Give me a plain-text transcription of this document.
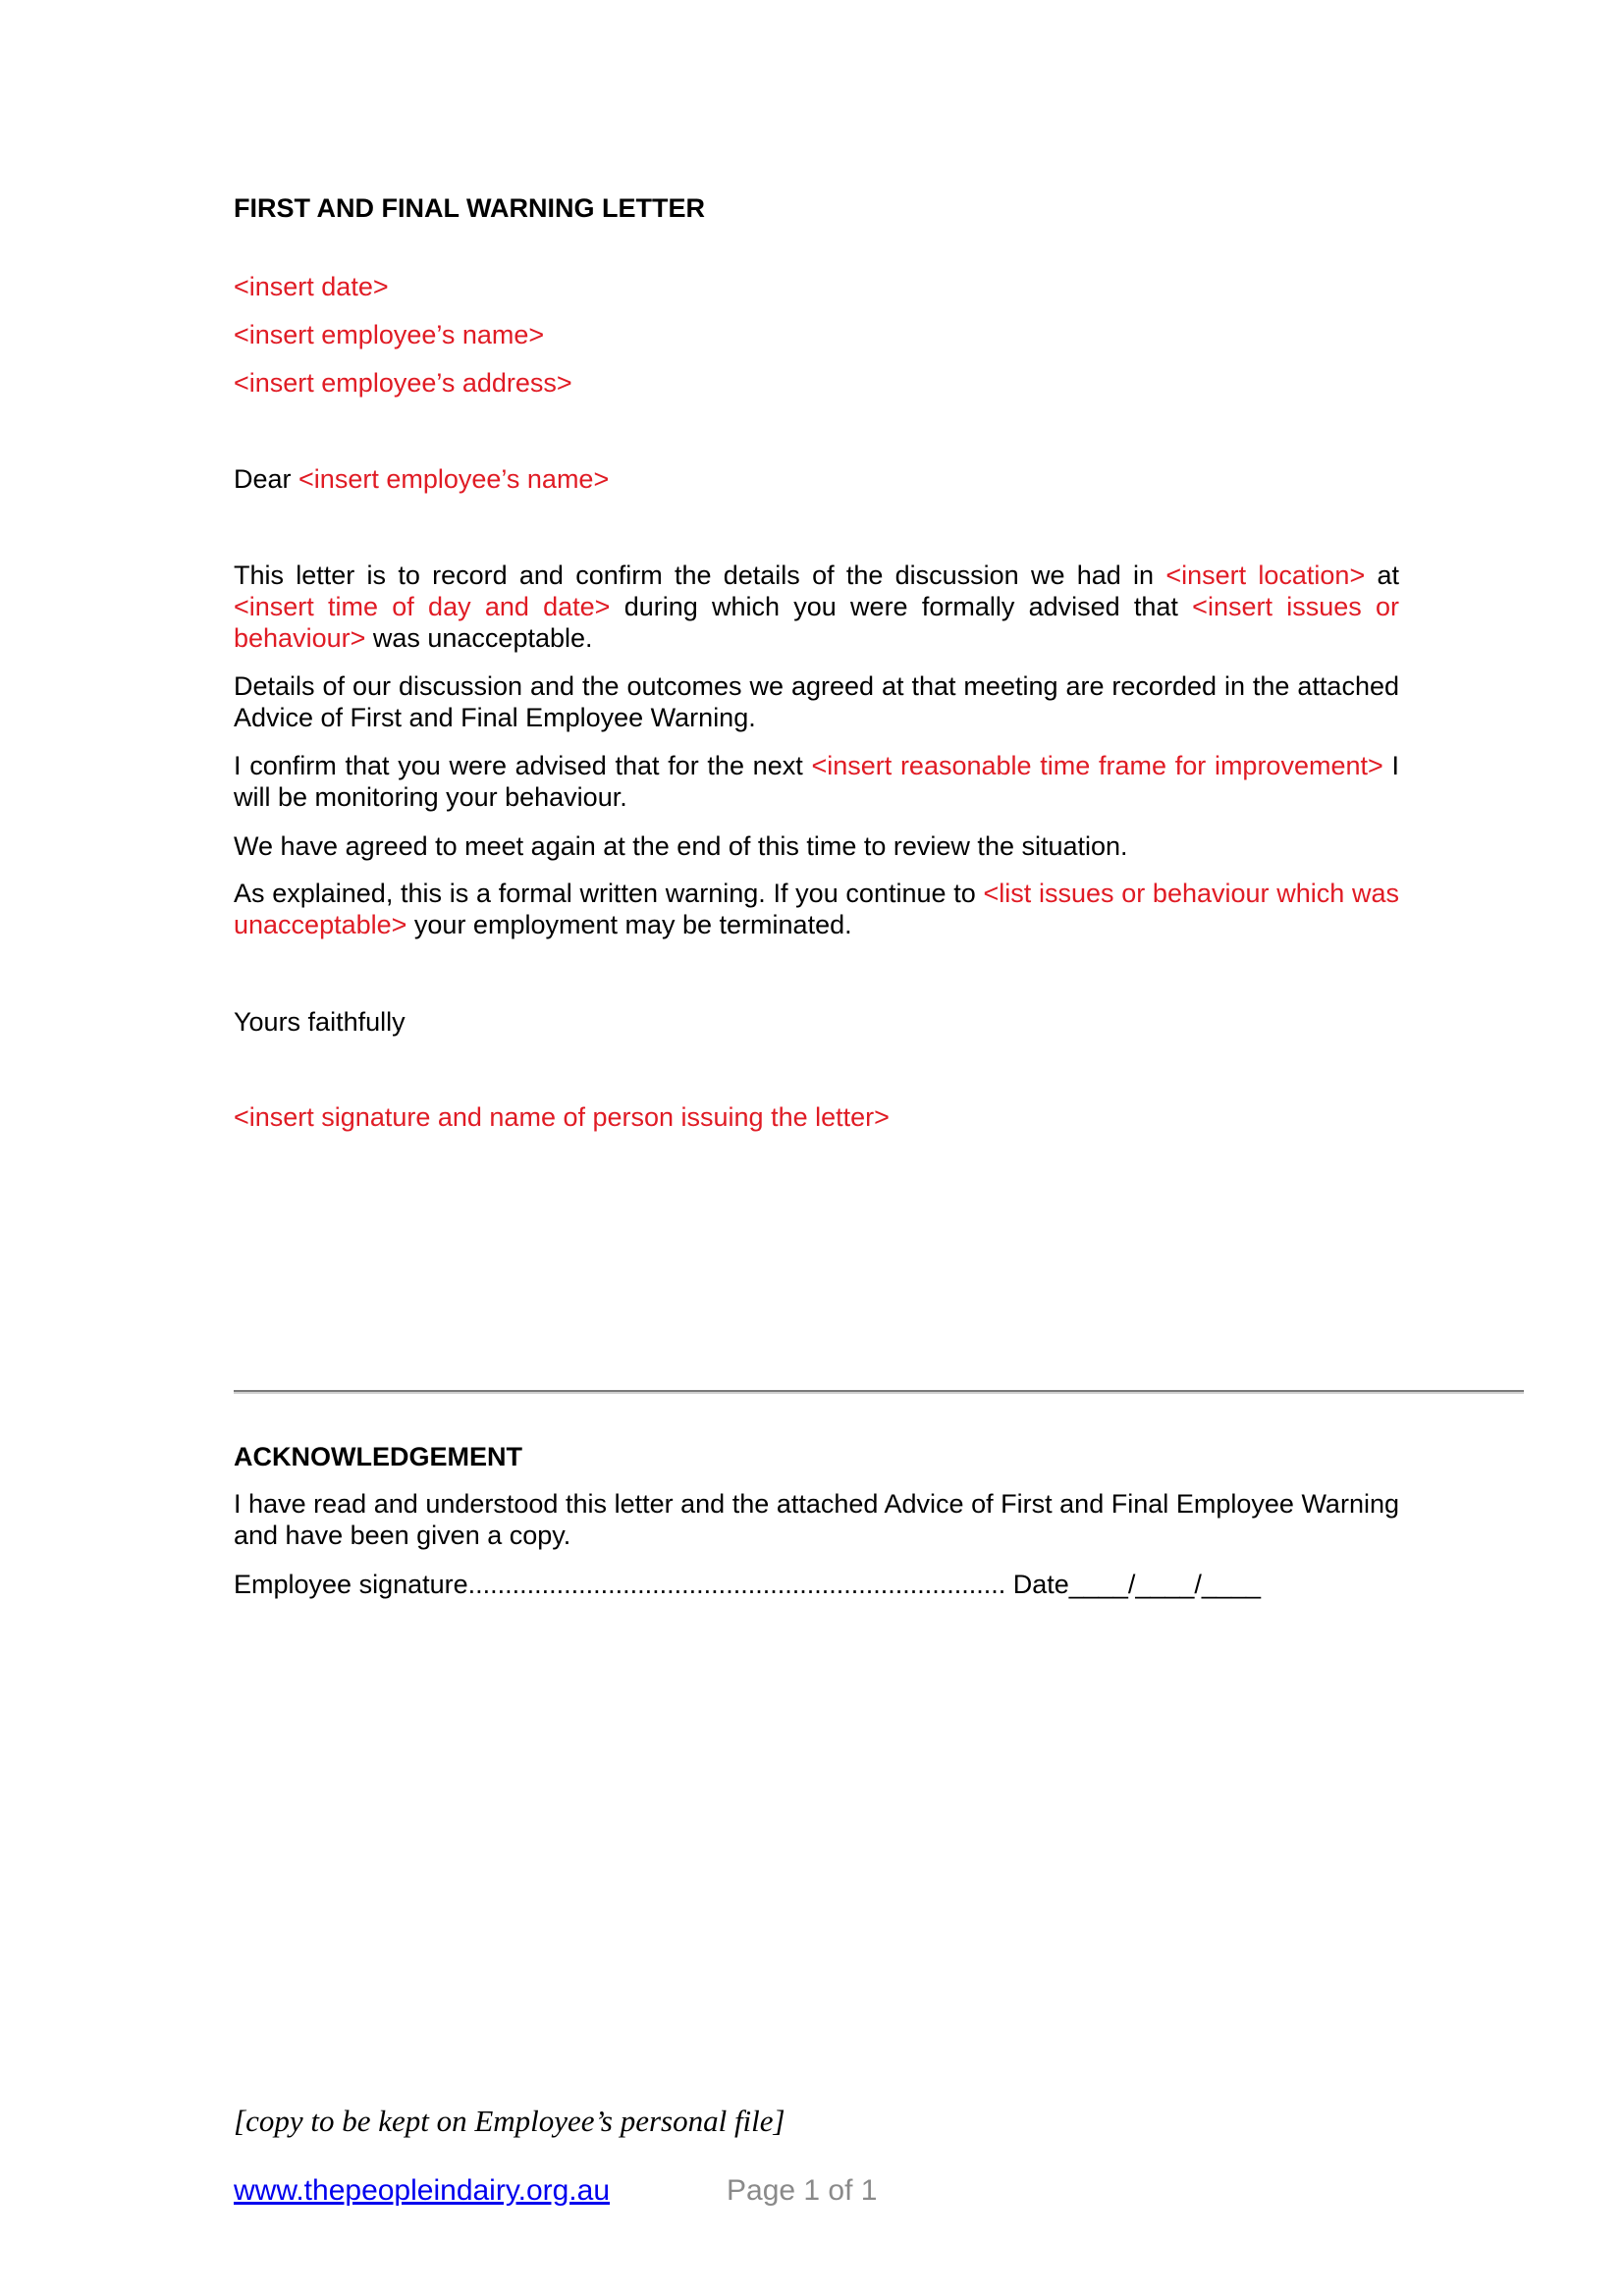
FIRST AND FINAL WARNING LETTER
<insert date>
<insert employee’s name>
<insert employee’s address>
Dear <insert employee’s name>

This letter is to record and confirm the details of the discussion we had in <insert location> at <insert time of day and date> during which you were formally advised that <insert issues or behaviour> was unacceptable.

Details of our discussion and the outcomes we agreed at that meeting are recorded in the attached Advice of First and Final Employee Warning.

I confirm that you were advised that for the next <insert reasonable time frame for improvement> I will be monitoring your behaviour.

We have agreed to meet again at the end of this time to review the situation.

As explained, this is a formal written warning. If you continue to <list issues or behaviour which was unacceptable> your employment may be terminated.

Yours faithfully
<insert signature and name of person issuing the letter>
ACKNOWLEDGEMENT

I have read and understood this letter and the attached Advice of First and Final Employee Warning and have been given a copy.

Employee signature......................................................................... Date____/____/____
[copy to be kept on Employee’s personal file]
www.thepeopleindairy.org.au	Page 1 of 1
